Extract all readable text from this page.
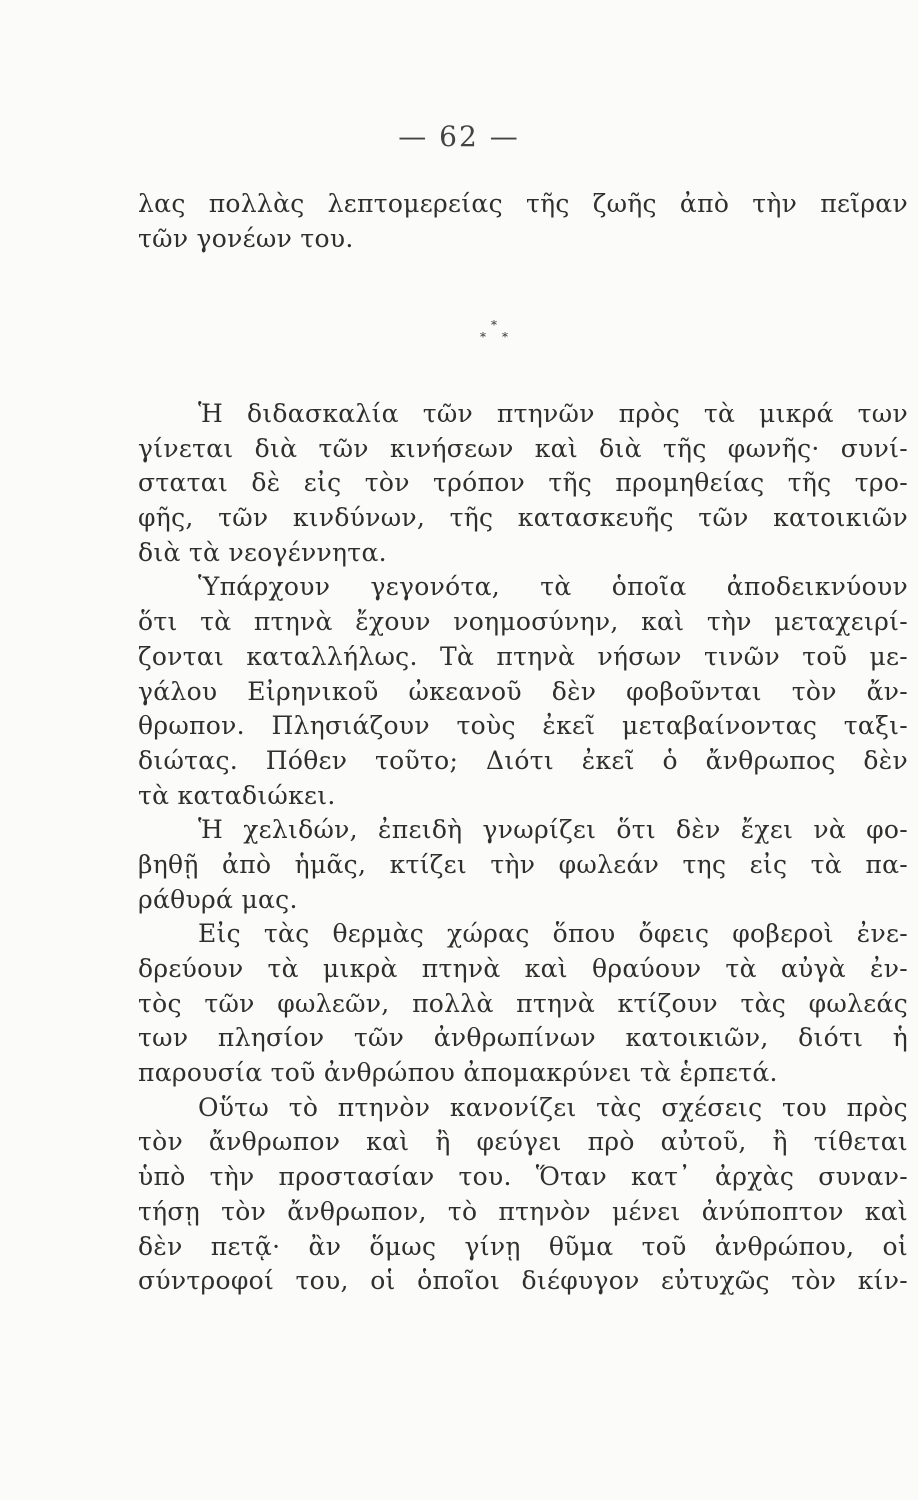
— 62 —
λας πολλὰς λεπτομερείας τῆς ζωῆς ἀπὸ τὴν πεῖραν
τῶν γονέων του.
*
* *
Ἡ διδασκαλία τῶν πτηνῶν πρὸς τὰ μικρά των
γίνεται διὰ τῶν κινήσεων καὶ διὰ τῆς φωνῆς· συνί-
σταται δὲ εἰς τὸν τρόπον τῆς προμηθείας τῆς τρο-
φῆς, τῶν κινδύνων, τῆς κατασκευῆς τῶν κατοικιῶν
διὰ τὰ νεογέννητα.
Ὑπάρχουν γεγονότα, τὰ ὁποῖα ἀποδεικνύουν
ὅτι τὰ πτηνὰ ἔχουν νοημοσύνην, καὶ τὴν μεταχειρί-
ζονται καταλλήλως. Τὰ πτηνὰ νήσων τινῶν τοῦ με-
γάλου Εἰρηνικοῦ ὠκεανοῦ δὲν φοβοῦνται τὸν ἄν-
θρωπον. Πλησιάζουν τοὺς ἐκεῖ μεταβαίνοντας ταξι-
διώτας. Πόθεν τοῦτο; Διότι ἐκεῖ ὁ ἄνθρωπος δὲν
τὰ καταδιώκει.
Ἡ χελιδών, ἐπειδὴ γνωρίζει ὅτι δὲν ἔχει νὰ φο-
βηθῇ ἀπὸ ἡμᾶς, κτίζει τὴν φωλεάν της εἰς τὰ πα-
ράθυρά μας.
Εἰς τὰς θερμὰς χώρας ὅπου ὄφεις φοβεροὶ ἐνε-
δρεύουν τὰ μικρὰ πτηνὰ καὶ θραύουν τὰ αὐγὰ ἐν-
τὸς τῶν φωλεῶν, πολλὰ πτηνὰ κτίζουν τὰς φωλεάς
των πλησίον τῶν ἀνθρωπίνων κατοικιῶν, διότι ἡ
παρουσία τοῦ ἀνθρώπου ἀπομακρύνει τὰ ἑρπετά.
Οὕτω τὸ πτηνὸν κανονίζει τὰς σχέσεις του πρὸς
τὸν ἄνθρωπον καὶ ἢ φεύγει πρὸ αὐτοῦ, ἢ τίθεται
ὑπὸ τὴν προστασίαν του. Ὅταν κατ᾽ ἀρχὰς συναν-
τήσῃ τὸν ἄνθρωπον, τὸ πτηνὸν μένει ἀνύποπτον καὶ
δὲν πετᾷ· ἂν ὅμως γίνῃ θῦμα τοῦ ἀνθρώπου, οἱ
σύντροφοί του, οἱ ὁποῖοι διέφυγον εὐτυχῶς τὸν κίν-
